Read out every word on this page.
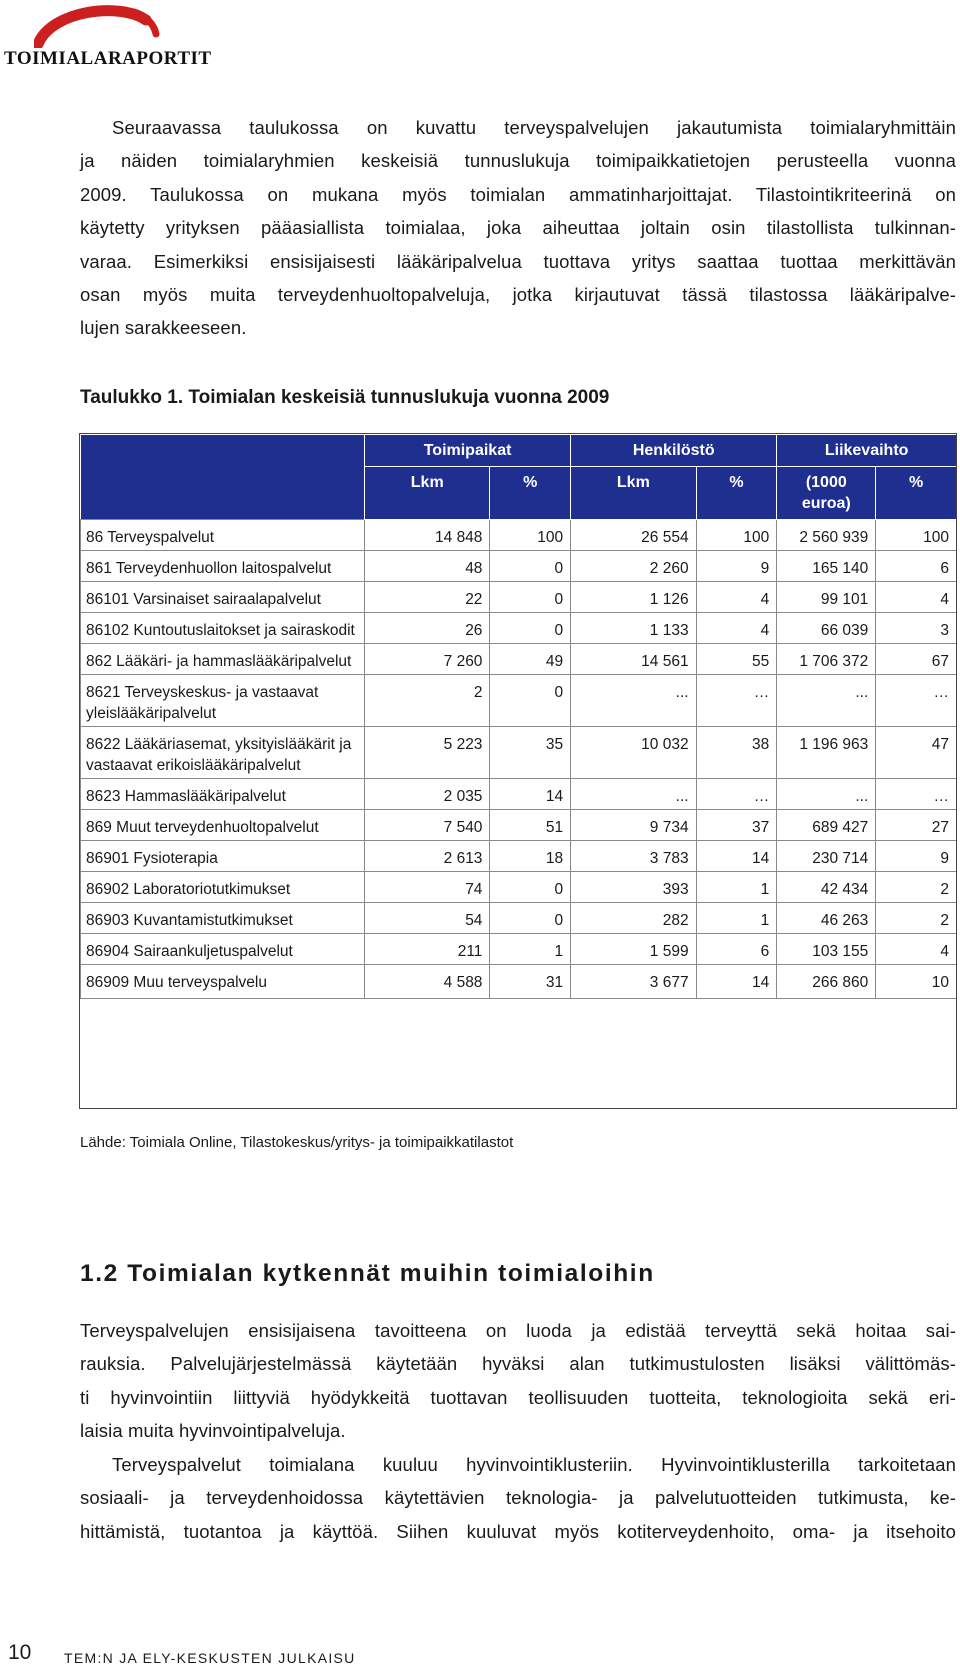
TOIMIALARAPORTIT

Seuraavassa taulukossa on kuvattu terveyspalvelujen jakautumista toimialaryhmittäin
ja näiden toimialaryhmien keskeisiä tunnuslukuja toimipaikkatietojen perusteella vuonna
2009. Taulukossa on mukana myös toimialan ammatinharjoittajat. Tilastointikriteerinä on
käytetty yrityksen pääasiallista toimialaa, joka aiheuttaa joltain osin tilastollista tulkinnan-
varaa. Esimerkiksi ensisijaisesti lääkäripalvelua tuottava yritys saattaa tuottaa merkittävän
osan myös muita terveydenhuoltopalveluja, jotka kirjautuvat tässä tilastossa lääkäripalve-
lujen sarakkeeseen.

Taulukko 1. Toimialan keskeisiä tunnuslukuja vuonna 2009

	Toimipaikat		Henkilöstö		Liikevaihto	
	Lkm	%	Lkm	%	(1000 euroa)	%
86 Terveyspalvelut	14 848	100	26 554	100	2 560 939	100
861 Terveydenhuollon laitospalvelut	48	0	2 260	9	165 140	6
86101 Varsinaiset sairaalapalvelut	22	0	1 126	4	99 101	4
86102 Kuntoutuslaitokset ja sairaskodit	26	0	1 133	4	66 039	3
862 Lääkäri- ja hammaslääkäripalvelut	7 260	49	14 561	55	1 706 372	67
8621 Terveyskeskus- ja vastaavat yleislääkäripalvelut	2	0	...	…	...	…
8622 Lääkäriasemat, yksityislääkärit ja vastaavat erikoislääkäripalvelut	5 223	35	10 032	38	1 196 963	47
8623 Hammaslääkäripalvelut	2 035	14	...	…	...	…
869 Muut terveydenhuoltopalvelut	7 540	51	9 734	37	689 427	27
86901 Fysioterapia	2 613	18	3 783	14	230 714	9
86902 Laboratoriotutkimukset	74	0	393	1	42 434	2
86903 Kuvantamistutkimukset	54	0	282	1	46 263	2
86904 Sairaankuljetuspalvelut	211	1	1 599	6	103 155	4
86909 Muu terveyspalvelu	4 588	31	3 677	14	266 860	10

Lähde: Toimiala Online, Tilastokeskus/yritys- ja toimipaikkatilastot

1.2 Toimialan kytkennät muihin toimialoihin

Terveyspalvelujen ensisijaisena tavoitteena on luoda ja edistää terveyttä sekä hoitaa sai-
rauksia. Palvelujärjestelmässä käytetään hyväksi alan tutkimustulosten lisäksi välittömäs-
ti hyvinvointiin liittyviä hyödykkeitä tuottavan teollisuuden tuotteita, teknologioita sekä eri-
laisia muita hyvinvointipalveluja.

Terveyspalvelut toimialana kuuluu hyvinvointiklusteriin. Hyvinvointiklusterilla tarkoitetaan
sosiaali- ja terveydenhoidossa käytettävien teknologia- ja palvelutuotteiden tutkimusta, ke-
hittämistä, tuotantoa ja käyttöä. Siihen kuuluvat myös kotiterveydenhoito, oma- ja itsehoito

10 TEM:N JA ELY-KESKUSTEN JULKAISU
